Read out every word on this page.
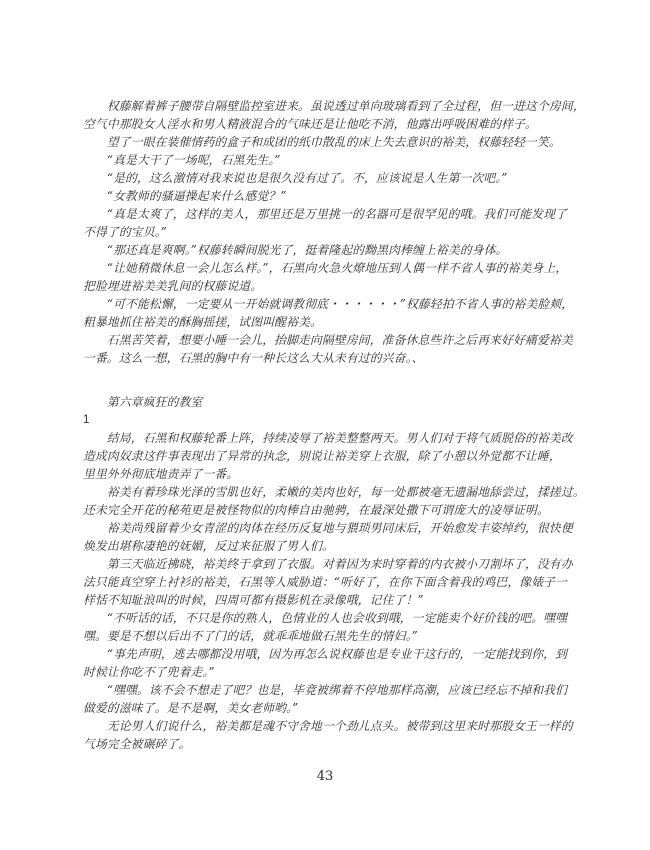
　　权藤解着裤子腰带自隔壁监控室进来。虽说透过单向玻璃看到了全过程，但一进这个房间，
空气中那股女人淫水和男人精液混合的气味还是让他吃不消，他露出呼吸困难的样子。
　　望了一眼在装催情药的盒子和成团的纸巾散乱的床上失去意识的裕美，权藤轻轻一笑。
　　“真是大干了一场呢，石黑先生。”
　　“是的，这么激情对我来说也是很久没有过了。不，应该说是人生第一次吧。”
　　“女教师的骚逼操起来什么感觉？”
　　“真是太爽了，这样的美人，那里还是万里挑一的名器可是很罕见的哦。我们可能发现了
不得了的宝贝。”
　　“那还真是爽啊。”权藤转瞬间脱光了，挺着隆起的黝黑肉棒缠上裕美的身体。
　　“让她稍微休息一会儿怎么样。”，石黑向火急火燎地压到人偶一样不省人事的裕美身上，
把脸埋进裕美美乳间的权藤说道。
　　“可不能松懈，一定要从一开始就调教彻底・・・・・・”权藤轻拍不省人事的裕美脸颊，
粗暴地抓住裕美的酥胸摇搓，试图叫醒裕美。
　　石黑苦笑着，想要小睡一会儿，抬脚走向隔壁房间，准备休息些许之后再来好好痛爱裕美
一番。这么一想，石黑的胸中有一种长这么大从未有过的兴奋。、
　　第六章疯狂的教室
1
　　结局，石黑和权藤轮番上阵，持续凌辱了裕美整整两天。男人们对于将气质脱俗的裕美改
造成肉奴隶这件事表现出了异常的执念，别说让裕美穿上衣服，除了小憩以外觉都不让睡，
里里外外彻底地责弄了一番。
　　裕美有着珍珠光泽的雪肌也好，柔嫩的美肉也好，每一处都被毫无遗漏地舔尝过，揉搓过。
还未完全开花的秘苑更是被怪物似的肉棒自由驰骋，在最深处撒下可谓庞大的凌辱证明。
　　裕美尚残留着少女青涩的肉体在经历反复地与猥琐男同床后，开始愈发丰姿绰约，很快便
焕发出堪称凄艳的妩媚，反过来征服了男人们。
　　第三天临近拂晓，裕美终于拿到了衣服。对着因为来时穿着的内衣被小刀割坏了，没有办
法只能真空穿上衬衫的裕美，石黑等人威胁道：“听好了，在你下面含着我的鸡巴，像婊子一
样恬不知耻浪叫的时候，四周可都有摄影机在录像哦，记住了！”
　　“不听话的话，不只是你的熟人，色情业的人也会收到哦，一定能卖个好价钱的吧。嘿嘿
嘿。要是不想以后出不了门的话，就乖乖地做石黑先生的情妇。”
　　“事先声明，逃去哪都没用哦，因为再怎么说权藤也是专业干这行的，一定能找到你，到
时候让你吃不了兜着走。”
　　“嘿嘿。该不会不想走了吧？也是，毕竟被绑着不停地那样高潮，应该已经忘不掉和我们
做爱的滋味了。是不是啊，美女老师哟。”
　　无论男人们说什么，裕美都是魂不守舍地一个劲儿点头。被带到这里来时那股女王一样的
气场完全被碾碎了。
43
